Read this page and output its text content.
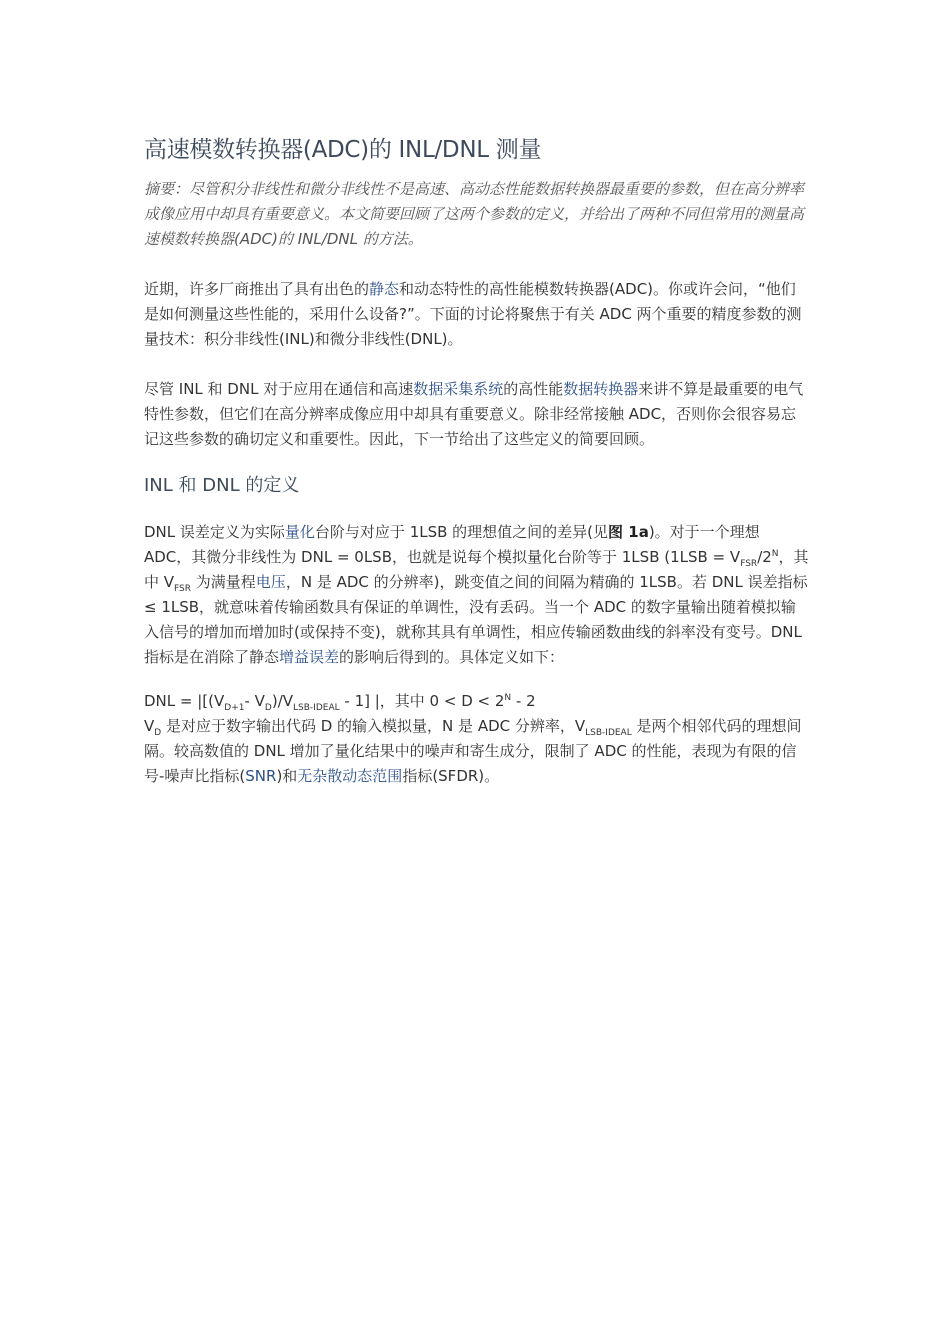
高速模数转换器(ADC)的 INL/DNL 测量

摘要：尽管积分非线性和微分非线性不是高速、高动态性能数据转换器最重要的参数，但在高分辨率成像应用中却具有重要意义。本文简要回顾了这两个参数的定义，并给出了两种不同但常用的测量高速模数转换器(ADC)的 INL/DNL 的方法。

近期，许多厂商推出了具有出色的静态和动态特性的高性能模数转换器(ADC)。你或许会问，“他们是如何测量这些性能的，采用什么设备?”。下面的讨论将聚焦于有关 ADC 两个重要的精度参数的测量技术：积分非线性(INL)和微分非线性(DNL)。

尽管 INL 和 DNL 对于应用在通信和高速数据采集系统的高性能数据转换器来讲不算是最重要的电气特性参数，但它们在高分辨率成像应用中却具有重要意义。除非经常接触 ADC，否则你会很容易忘记这些参数的确切定义和重要性。因此，下一节给出了这些定义的简要回顾。

INL 和 DNL 的定义

DNL 误差定义为实际量化台阶与对应于 1LSB 的理想值之间的差异(见图 1a)。对于一个理想 ADC，其微分非线性为 DNL = 0LSB，也就是说每个模拟量化台阶等于 1LSB ($1LSB = V_{FSR}/2^N$，其中 $V_{FSR}$ 为满量程电压，N 是 ADC 的分辨率)，跳变值之间的间隔为精确的 1LSB。若 DNL 误差指标≤ 1LSB，就意味着传输函数具有保证的单调性，没有丢码。当一个 ADC 的数字量输出随着模拟输入信号的增加而增加时(或保持不变)，就称其具有单调性，相应传输函数曲线的斜率没有变号。DNL 指标是在消除了静态增益误差的影响后得到的。具体定义如下：

DNL = $|[(V_{D+1}-$ $V_D)/V_{LSB-IDEAL} - 1$] |，其中 $0 < D < 2^N - 2$

$V_D$ 是对应于数字输出代码 D 的输入模拟量，N 是 ADC 分辨率，$V_{LSB-IDEAL}$ 是两个相邻代码的理想间隔。较高数值的 DNL 增加了量化结果中的噪声和寄生成分，限制了 ADC 的性能，表现为有限的信号-噪声比指标(SNR)和无杂散动态范围指标(SFDR)。
